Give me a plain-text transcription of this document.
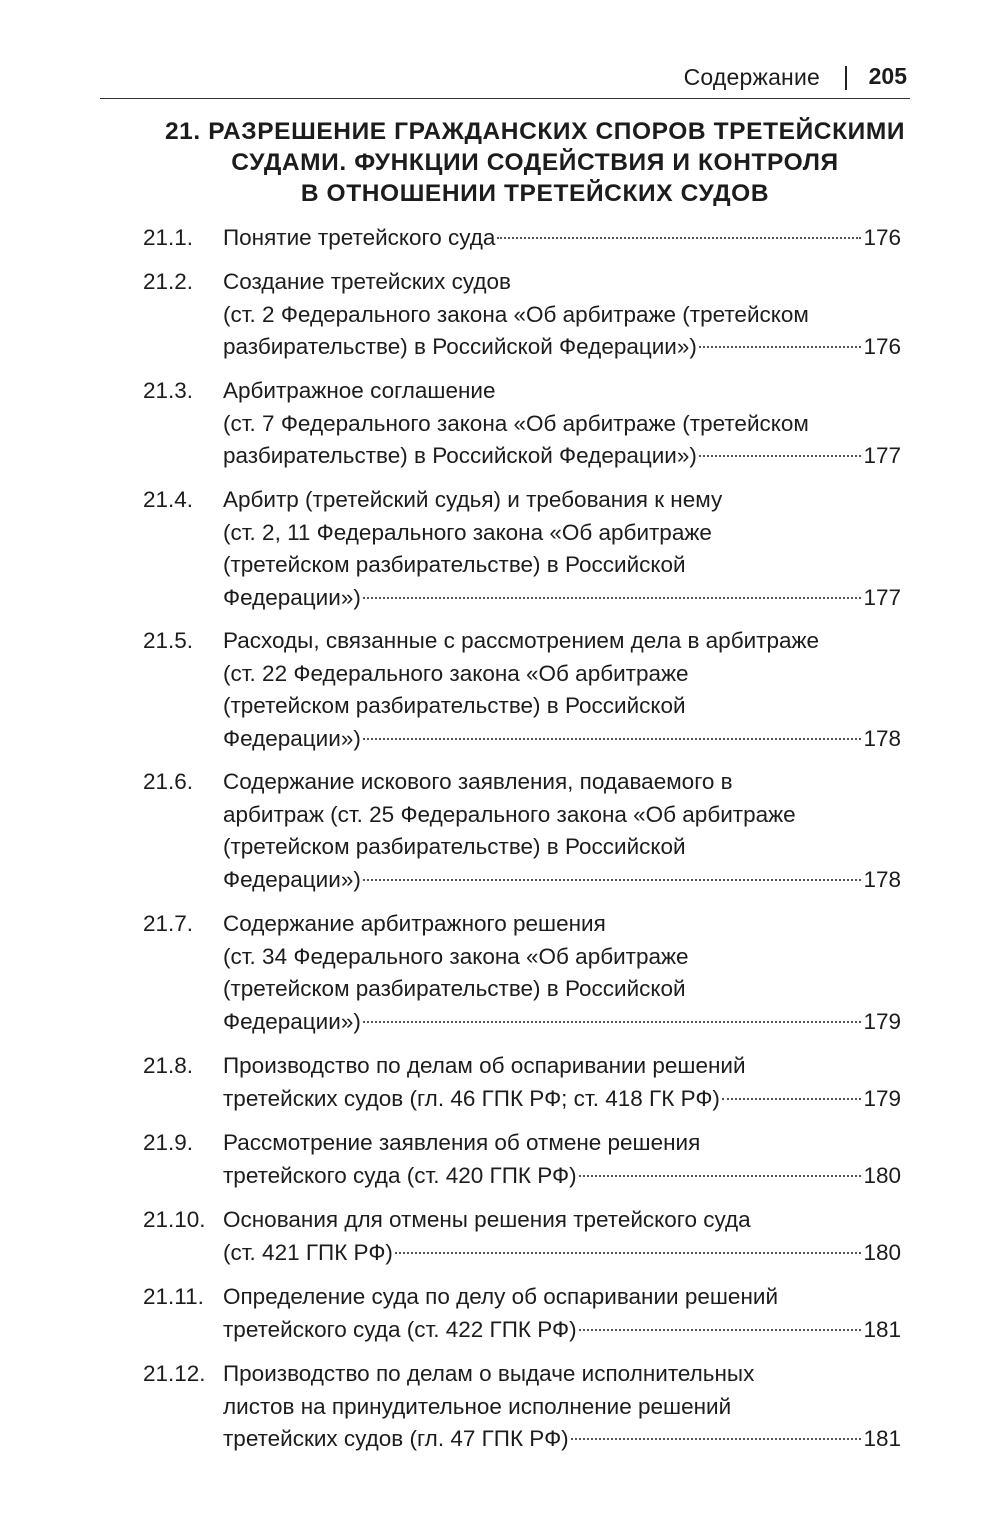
Содержание 205
21. РАЗРЕШЕНИЕ ГРАЖДАНСКИХ СПОРОВ ТРЕТЕЙСКИМИ
СУДАМИ. ФУНКЦИИ СОДЕЙСТВИЯ И КОНТРОЛЯ
В ОТНОШЕНИИ ТРЕТЕЙСКИХ СУДОВ
21.1. Понятие третейского суда	176
21.2. Создание третейских судов
(ст. 2 Федерального закона «Об арбитраже (третейском
разбирательстве) в Российской Федерации»)	176
21.3. Арбитражное соглашение
(ст. 7 Федерального закона «Об арбитраже (третейском
разбирательстве) в Российской Федерации»)	177
21.4. Арбитр (третейский судья) и требования к нему
(ст. 2, 11 Федерального закона «Об арбитраже
(третейском разбирательстве) в Российской
Федерации»)	177
21.5. Расходы, связанные с рассмотрением дела в арбитраже
(ст. 22 Федерального закона «Об арбитраже
(третейском разбирательстве) в Российской
Федерации»)	178
21.6. Содержание искового заявления, подаваемого в
арбитраж (ст. 25 Федерального закона «Об арбитраже
(третейском разбирательстве) в Российской
Федерации»)	178
21.7. Содержание арбитражного решения
(ст. 34 Федерального закона «Об арбитраже
(третейском разбирательстве) в Российской
Федерации»)	179
21.8. Производство по делам об оспаривании решений
третейских судов (гл. 46 ГПК РФ; ст. 418 ГК РФ)	179
21.9. Рассмотрение заявления об отмене решения
третейского суда (ст. 420 ГПК РФ)	180
21.10. Основания для отмены решения третейского суда
(ст. 421 ГПК РФ)	180
21.11. Определение суда по делу об оспаривании решений
третейского суда (ст. 422 ГПК РФ)	181
21.12. Производство по делам о выдаче исполнительных
листов на принудительное исполнение решений
третейских судов (гл. 47 ГПК РФ)	181
